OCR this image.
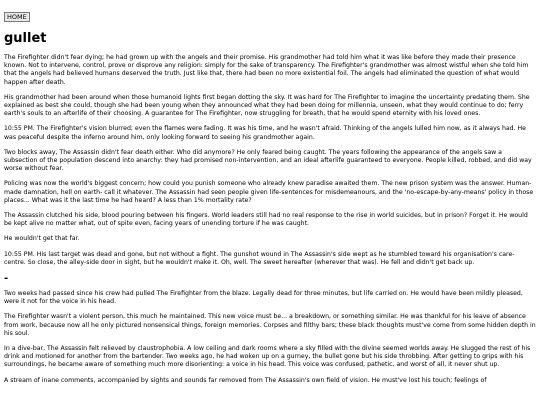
HOME
gullet

The Firefighter didn't fear dying; he had grown up with the angels and their promise. His grandmother had told him what it was like before they made their presence known. Not to intervene, control, prove or disprove any religion: simply for the sake of transparency. The Firefighter's grandmother was almost wistful when she told him that the angels had believed humans deserved the truth. Just like that, there had been no more existential foil. The angels had eliminated the question of what would happen after death.

His grandmother had been around when those humanoid lights first began dotting the sky. It was hard for The Firefighter to imagine the uncertainty predating them. She explained as best she could, though she had been young when they announced what they had been doing for millennia, unseen, what they would continue to do; ferry earth's souls to an afterlife of their choosing. A guarantee for The Firefighter, now struggling for breath, that he would spend eternity with his loved ones.

10:55 PM. The Firefighter's vision blurred; even the flames were fading. It was his time, and he wasn't afraid. Thinking of the angels lulled him now, as it always had. He was peaceful despite the inferno around him, only looking forward to seeing his grandmother again.

Two blocks away, The Assassin didn't fear death either. Who did anymore? He only feared being caught. The years following the appearance of the angels saw a subsection of the population descend into anarchy: they had promised non-intervention, and an ideal afterlife guaranteed to everyone. People killed, robbed, and did way worse without fear.

Policing was now the world's biggest concern; how could you punish someone who already knew paradise awaited them. The new prison system was the answer. Human-made damnation, hell on earth- call it whatever. The Assassin had seen people given life-sentences for misdemeanours, and the 'no-escape-by-any-means' policy in those places... What was it the last time he had heard? A less than 1% mortality rate?

The Assassin clutched his side, blood pouring between his fingers. World leaders still had no real response to the rise in world suicides, but in prison? Forget it. He would be kept alive no matter what, out of spite even, facing years of unending torture if he was caught.

He wouldn't get that far.

10:55 PM. His last target was dead and gone, but not without a fight. The gunshot wound in The Assassin's side wept as he stumbled toward his organisation's care-centre. So close, the alley-side door in sight, but he wouldn't make it. Oh, well. The sweet hereafter (wherever that was). He fell and didn't get back up.

-

Two weeks had passed since his crew had pulled The Firefighter from the blaze. Legally dead for three minutes, but life carried on. He would have been mildly pleased, were it not for the voice in his head.

The Firefighter wasn't a violent person, this much he maintained. This new voice must be... a breakdown, or something similar. He was thankful for his leave of absence from work, because now all he only pictured nonsensical things, foreign memories. Corpses and filthy bars; these black thoughts must've come from some hidden depth in his soul.

In a dive-bar, The Assassin felt relieved by claustrophobia. A low ceiling and dark rooms where a sky filled with the divine seemed worlds away. He slugged the rest of his drink and motioned for another from the bartender. Two weeks ago, he had woken up on a gurney, the bullet gone but his side throbbing. After getting to grips with his surroundings, he became aware of something much more disorienting: a voice in his head. This voice was confused, pathetic, and worst of all, it never shut up.

A stream of inane comments, accompanied by sights and sounds far removed from The Assassin's own field of vision. He must've lost his touch; feelings of
